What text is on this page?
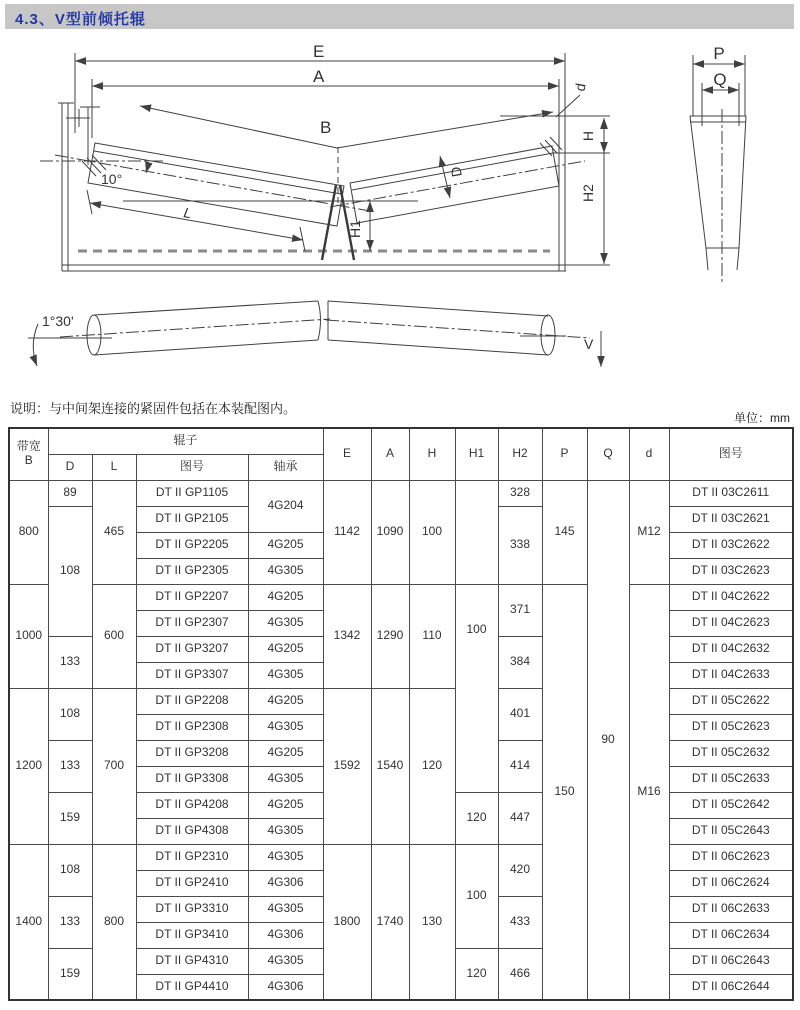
4.3、V型前倾托辊
E
A
B
d
10°	D
L
H1
H
H2
P
Q
1°30'
V
说明：与中间架连接的紧固件包括在本装配图内。
单位：mm
带宽
B	辊子				E	A	H	H1	H2	P	Q	d	图号
	D	L	图号	轴承									
800	89	465	DT II GP1105	4G204	1142	1090	100		328	145	90	M12	DT II 03C2611
	108		DT II GP2105						338				DT II 03C2621
			DT II GP2205	4G205									DT II 03C2622
			DT II GP2305	4G305									DT II 03C2623
1000		600	DT II GP2207	4G205	1342	1290	110	100	371	150		M16	DT II 04C2622
			DT II GP2307	4G305									DT II 04C2623
	133		DT II GP3207	4G205					384				DT II 04C2632
			DT II GP3307	4G305									DT II 04C2633
1200	108	700	DT II GP2208	4G205	1592	1540	120		401				DT II 05C2622
			DT II GP2308	4G305									DT II 05C2623
	133		DT II GP3208	4G205					414				DT II 05C2632
			DT II GP3308	4G305									DT II 05C2633
	159		DT II GP4208	4G205				120	447				DT II 05C2642
			DT II GP4308	4G305									DT II 05C2643
1400	108	800	DT II GP2310	4G305	1800	1740	130	100	420				DT II 06C2623
			DT II GP2410	4G306									DT II 06C2624
	133		DT II GP3310	4G305					433				DT II 06C2633
			DT II GP3410	4G306									DT II 06C2634
	159		DT II GP4310	4G305				120	466				DT II 06C2643
			DT II GP4410	4G306									DT II 06C2644
